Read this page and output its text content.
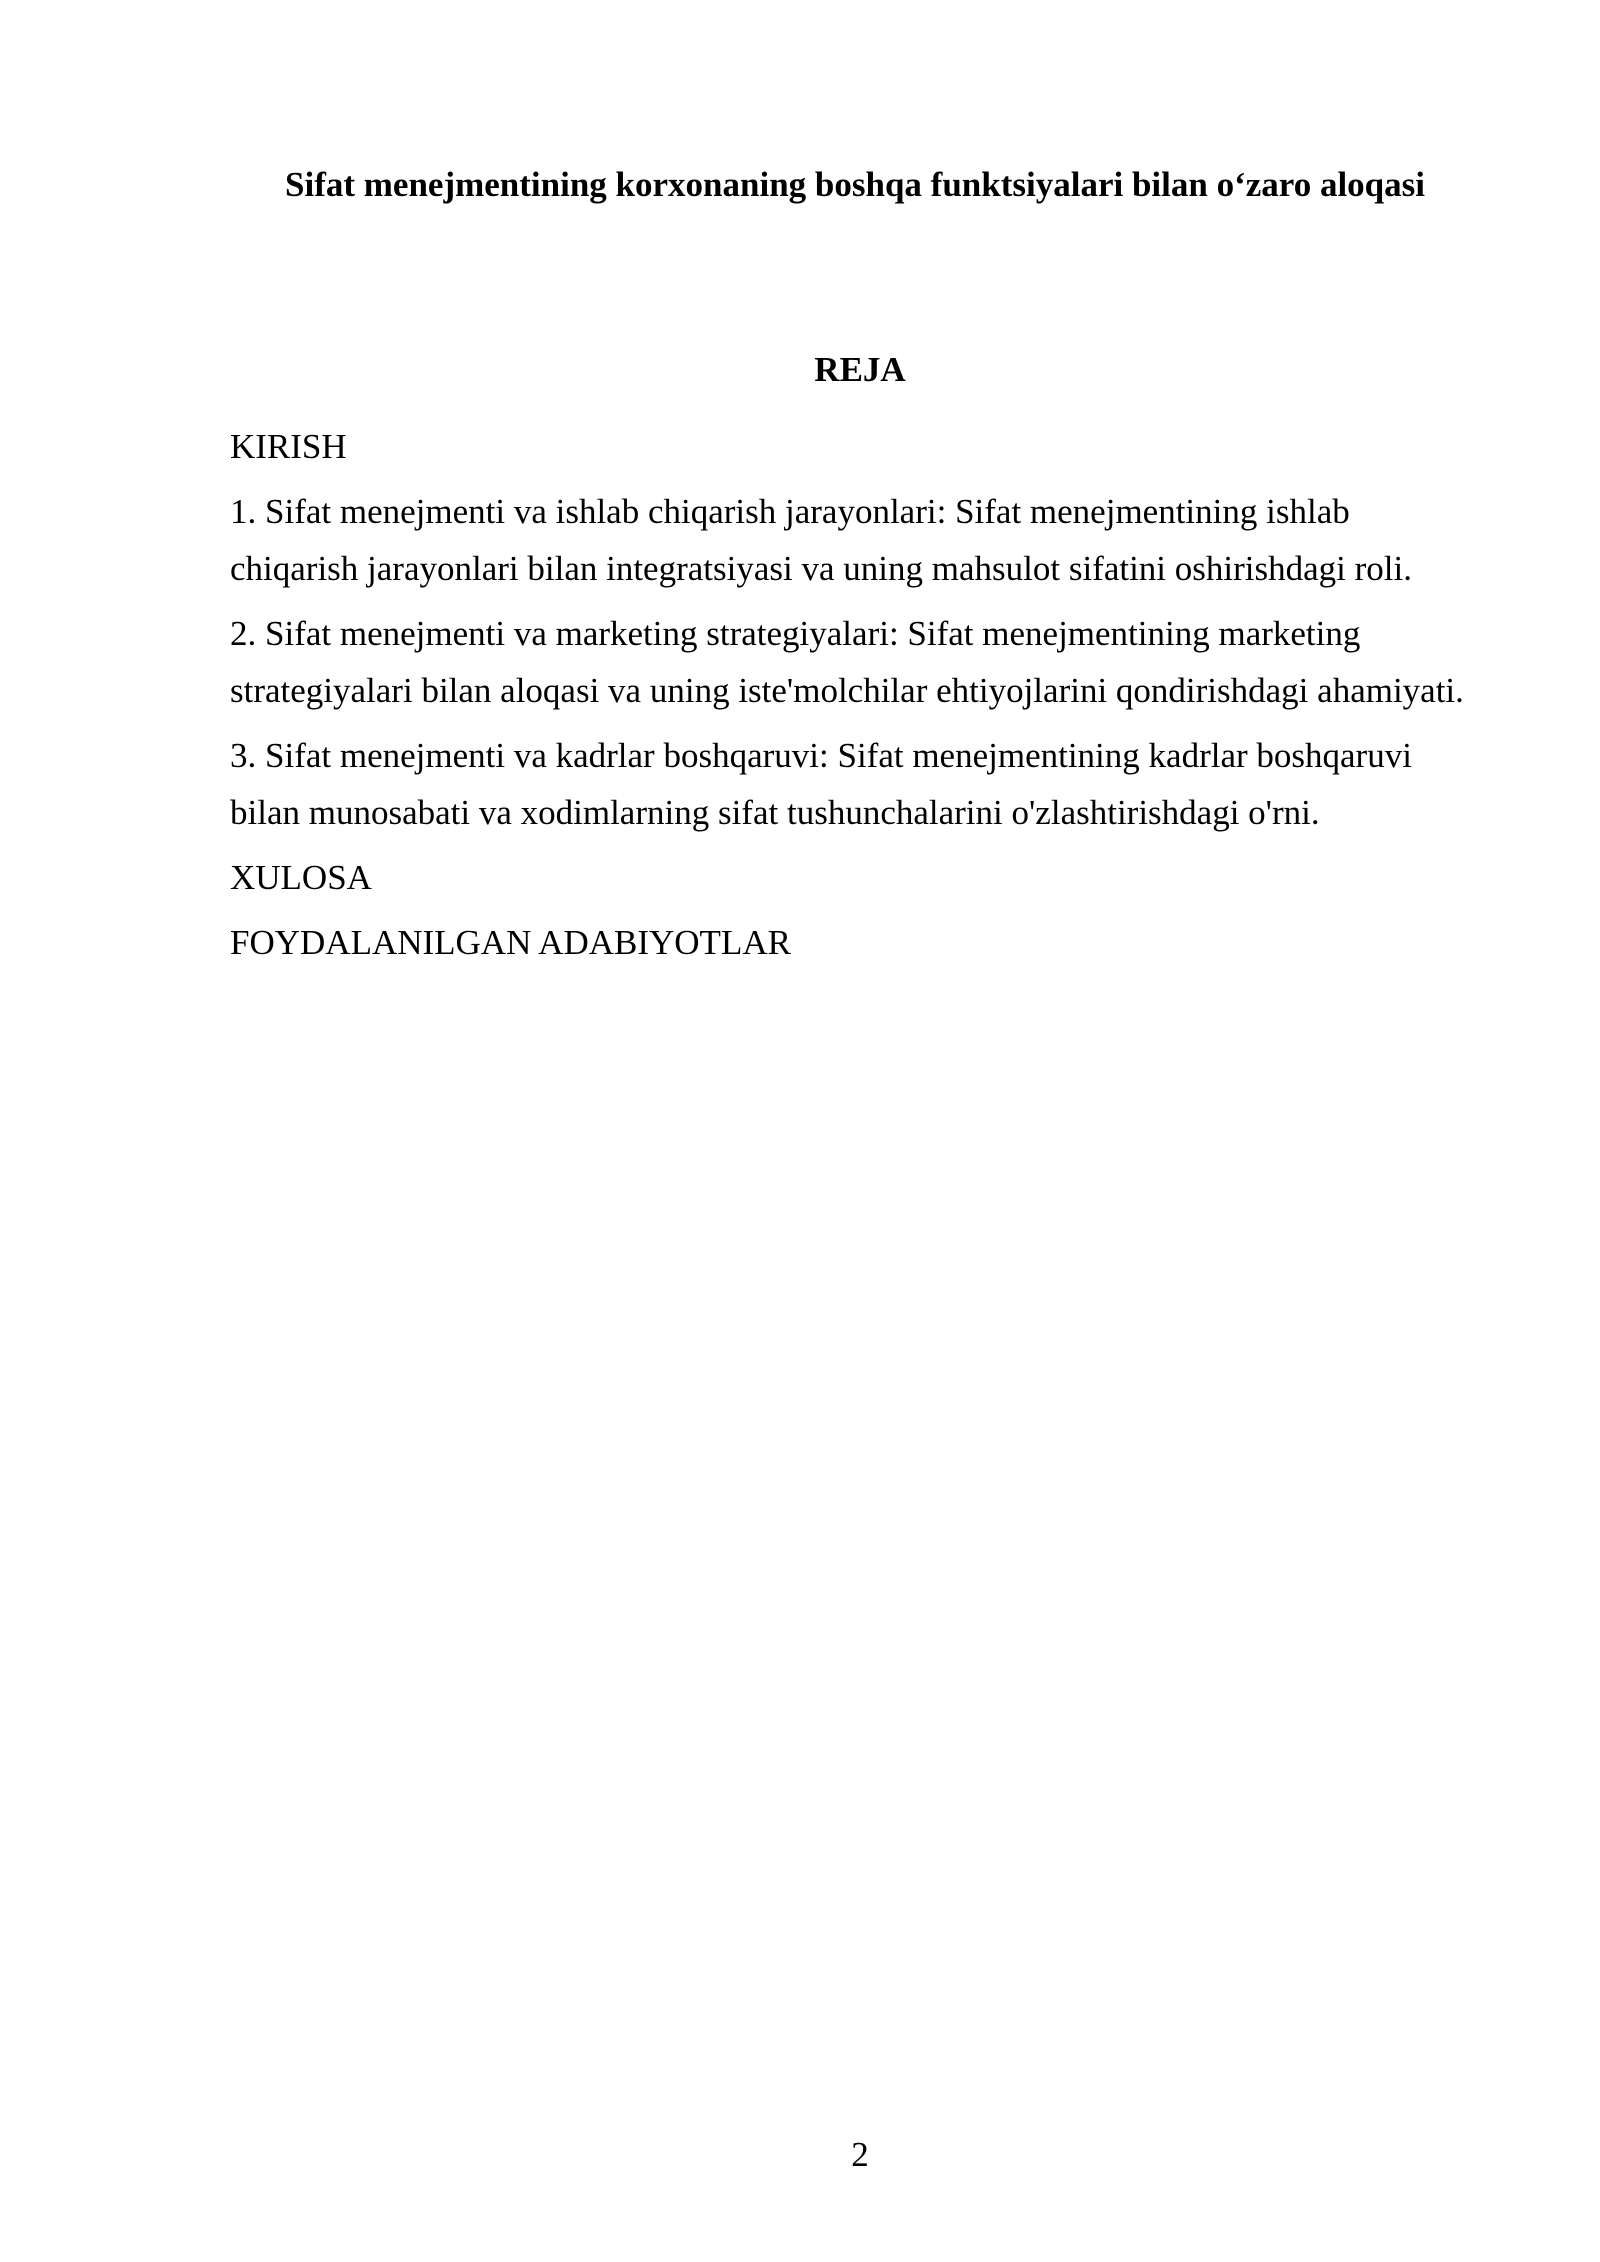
Sifat menejmentining korxonaning boshqa funktsiyalari bilan o‘zaro aloqasi
REJA

KIRISH

1. Sifat menejmenti va ishlab chiqarish jarayonlari: Sifat menejmentining ishlab chiqarish jarayonlari bilan integratsiyasi va uning mahsulot sifatini oshirishdagi roli.

2. Sifat menejmenti va marketing strategiyalari: Sifat menejmentining marketing strategiyalari bilan aloqasi va uning iste'molchilar ehtiyojlarini qondirishdagi ahamiyati.

3. Sifat menejmenti va kadrlar boshqaruvi: Sifat menejmentining kadrlar boshqaruvi bilan munosabati va xodimlarning sifat tushunchalarini o'zlashtirishdagi o'rni.

XULOSA

FOYDALANILGAN ADABIYOTLAR

2
